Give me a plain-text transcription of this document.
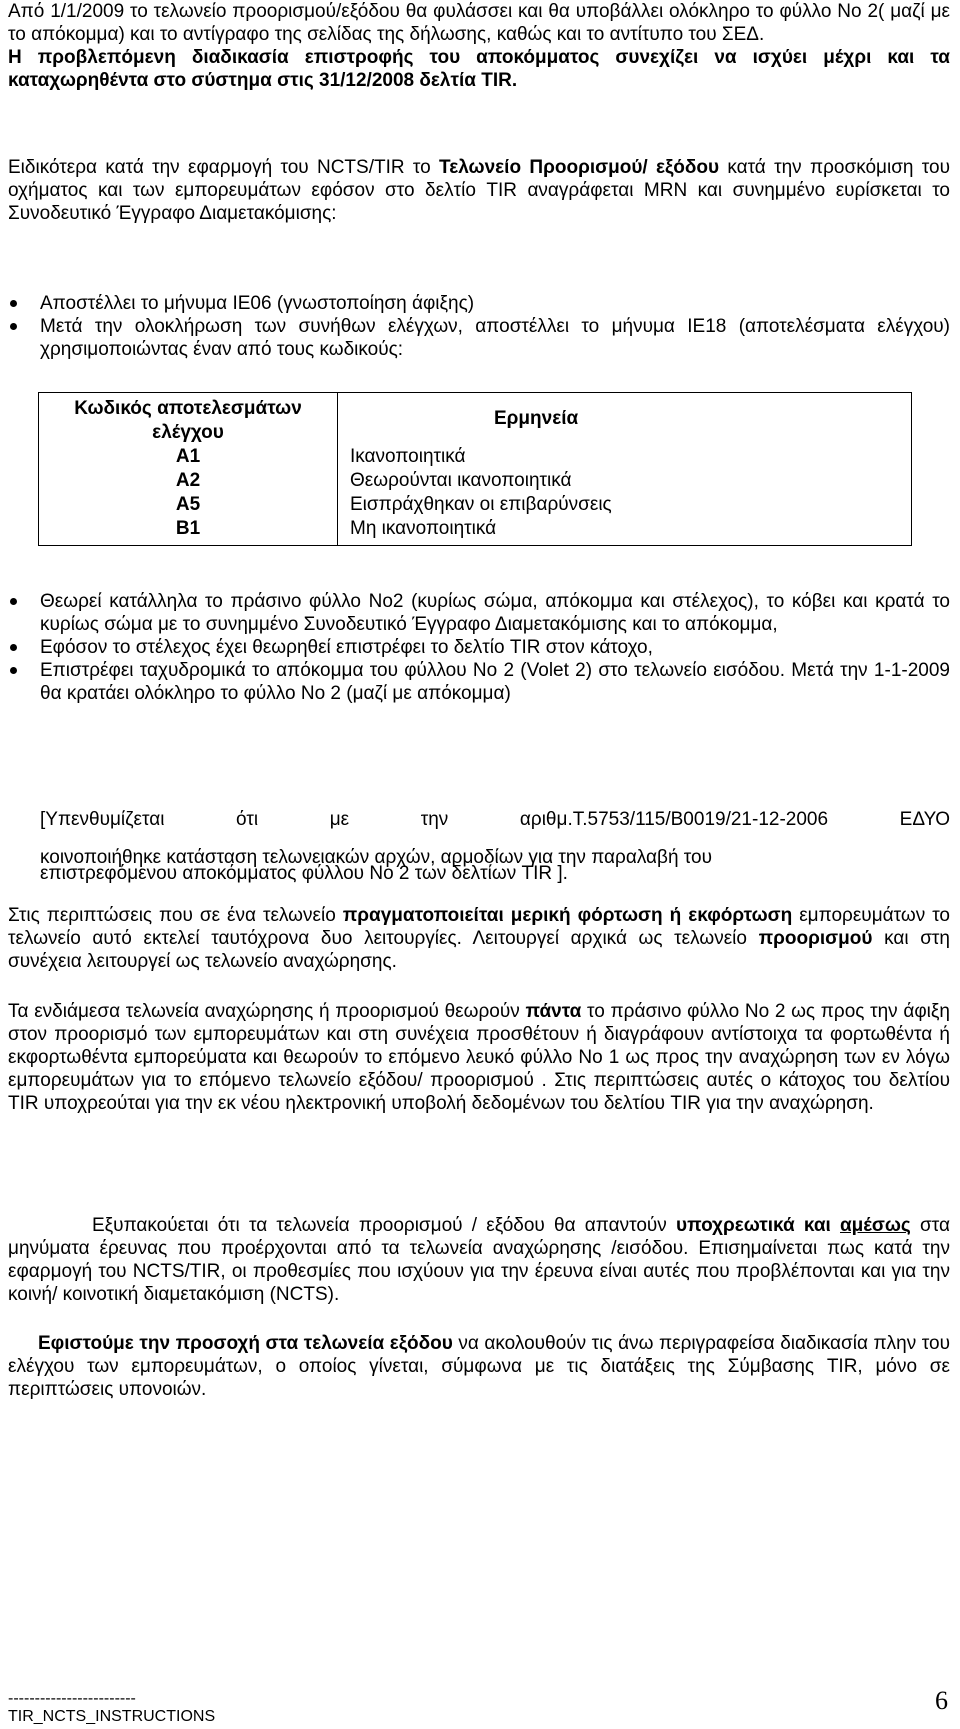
Από 1/1/2009 το τελωνείο προορισμού/εξόδου θα φυλάσσει και θα υποβάλλει ολόκληρο το φύλλο Νο 2( μαζί με το απόκομμα) και το αντίγραφο της σελίδας της δήλωσης, καθώς και το αντίτυπο του ΣΕΔ.
Η προβλεπόμενη διαδικασία επιστροφής του αποκόμματος συνεχίζει να ισχύει μέχρι και τα καταχωρηθέντα στο σύστημα στις 31/12/2008 δελτία TIR.

Ειδικότερα κατά την εφαρμογή του NCTS/TIR το Τελωνείο Προορισμού/ εξόδου κατά την προσκόμιση του οχήματος και των εμπορευμάτων εφόσον στο δελτίο TIR αναγράφεται MRN και συνημμένο ευρίσκεται το Συνοδευτικό Έγγραφο Διαμετακόμισης:

Αποστέλλει το μήνυμα IE06 (γνωστοποίηση άφιξης)
Μετά την ολοκλήρωση των συνήθων ελέγχων, αποστέλλει το μήνυμα IE18 (αποτελέσματα ελέγχου) χρησιμοποιώντας έναν από τους κωδικούς:
Κωδικός αποτελεσμάτων ελέγχου	Ερμηνεία
A1	Ικανοποιητικά
A2	Θεωρούνται ικανοποιητικά
A5	Εισπράχθηκαν οι επιβαρύνσεις
B1	Μη ικανοποιητικά
Θεωρεί κατάλληλα το πράσινο φύλλο Νο2 (κυρίως σώμα, απόκομμα και στέλεχος), το κόβει και κρατά το κυρίως σώμα με το συνημμένο Συνοδευτικό Έγγραφο Διαμετακόμισης και το απόκομμα,
Εφόσον το στέλεχος έχει θεωρηθεί επιστρέφει το δελτίο TIR στον κάτοχο,
Επιστρέφει ταχυδρομικά το απόκομμα του φύλλου Νο 2 (Volet 2) στο τελωνείο εισόδου. Μετά την 1-1-2009 θα κρατάει ολόκληρο το φύλλο Νο 2 (μαζί με απόκομμα)
[Υπενθυμίζεται ότι με την αριθμ.Τ.5753/115/Β0019/21-12-2006 ΕΔΥΟ
κοινοποιήθηκε κατάσταση τελωνειακών αρχών, αρμοδίων για την παραλαβή του
επιστρεφόμενου αποκόμματος φύλλου Νο 2 των δελτίων TIR ].

Στις περιπτώσεις που σε ένα τελωνείο πραγματοποιείται μερική φόρτωση ή εκφόρτωση εμπορευμάτων το τελωνείο αυτό εκτελεί ταυτόχρονα δυο λειτουργίες. Λειτουργεί αρχικά ως τελωνείο προορισμού και στη συνέχεια λειτουργεί ως τελωνείο αναχώρησης.

Τα ενδιάμεσα τελωνεία αναχώρησης ή προορισμού θεωρούν πάντα το πράσινο φύλλο Νο 2 ως προς την άφιξη στον προορισμό των εμπορευμάτων και στη συνέχεια προσθέτουν ή διαγράφουν αντίστοιχα τα φορτωθέντα ή εκφορτωθέντα εμπορεύματα και θεωρούν το επόμενο λευκό φύλλο Νο 1 ως προς την αναχώρηση των εν λόγω εμπορευμάτων για το επόμενο τελωνείο εξόδου/ προορισμού . Στις περιπτώσεις αυτές ο κάτοχος του δελτίου TIR υποχρεούται για την εκ νέου ηλεκτρονική υποβολή δεδομένων του δελτίου TIR για την αναχώρηση.

Εξυπακούεται ότι τα τελωνεία προορισμού / εξόδου θα απαντούν υποχρεωτικά και αμέσως στα μηνύματα έρευνας που προέρχονται από τα τελωνεία αναχώρησης /εισόδου. Επισημαίνεται πως κατά την εφαρμογή του NCTS/TIR, οι προθεσμίες που ισχύουν για την έρευνα είναι αυτές που προβλέπονται και για την κοινή/ κοινοτική διαμετακόμιση (NCTS).

Εφιστούμε την προσοχή στα τελωνεία εξόδου να ακολουθούν τις άνω περιγραφείσα διαδικασία πλην του ελέγχου των εμπορευμάτων, ο οποίος γίνεται, σύμφωνα με τις διατάξεις της Σύμβασης TIR, μόνο σε περιπτώσεις υπονοιών.

------------------------
TIR_NCTS_INSTRUCTIONS
6
